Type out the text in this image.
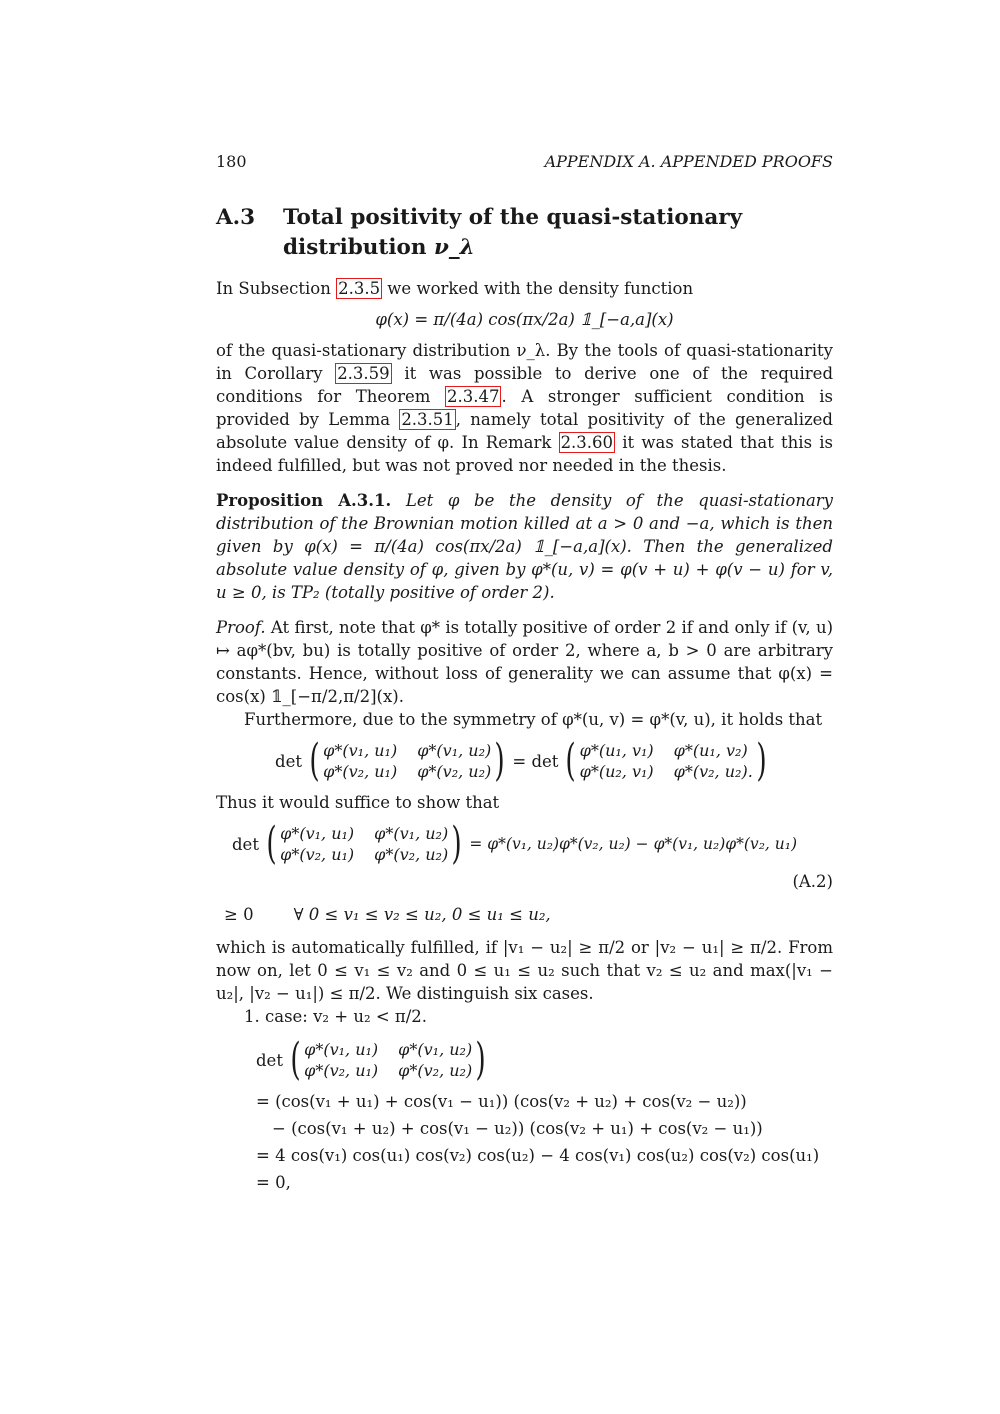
180	APPENDIX A. APPENDED PROOFS
A.3	Total positivity of the quasi-stationary distribution ν_λ

In Subsection 2.3.5 we worked with the density function

φ(x) = π/(4a) cos(πx/2a) 𝟙_[−a,a](x)

of the quasi-stationary distribution ν_λ. By the tools of quasi-stationarity in Corollary 2.3.59 it was possible to derive one of the required conditions for Theorem 2.3.47 . A stronger sufficient condition is provided by Lemma 2.3.51 , namely total positivity of the generalized absolute value density of φ. In Remark 2.3.60 it was stated that this is indeed fulfilled, but was not proved nor needed in the thesis.

Proposition A.3.1. Let φ be the density of the quasi-stationary distribution of the Brownian motion killed at a > 0 and −a, which is then given by φ(x) = π/(4a) cos(πx/2a) 𝟙_[−a,a](x). Then the generalized absolute value density of φ, given by φ*(u, v) = φ(v + u) + φ(v − u) for v, u ≥ 0, is TP₂ (totally positive of order 2).

Proof. At first, note that φ* is totally positive of order 2 if and only if (v, u) ↦ aφ*(bv, bu) is totally positive of order 2, where a, b > 0 are arbitrary constants. Hence, without loss of generality we can assume that φ(x) = cos(x) 𝟙_[−π/2,π/2](x).

Furthermore, due to the symmetry of φ*(u, v) = φ*(v, u), it holds that

det ( φ*(v₁, u₁) φ*(v₁, u₂)
φ*(v₂, u₁) φ*(v₂, u₂) ) =
det ( φ*(u₁, v₁) φ*(u₁, v₂)
φ*(u₂, v₁) φ*(v₂, u₂). )

Thus it would suffice to show that

det ( φ*(v₁, u₁) φ*(v₁, u₂)
φ*(v₂, u₁) φ*(v₂, u₂) ) = φ*(v₁, u₂)φ*(v₂, u₂) − φ*(v₁, u₂)φ*(v₂, u₁)
(A.2)
≥ 0 ∀ 0 ≤ v₁ ≤ v₂ ≤ u₂, 0 ≤ u₁ ≤ u₂,

which is automatically fulfilled, if |v₁ − u₂| ≥ π/2 or |v₂ − u₁| ≥ π/2. From now on, let 0 ≤ v₁ ≤ v₂ and 0 ≤ u₁ ≤ u₂ such that v₂ ≤ u₂ and max(|v₁ − u₂|, |v₂ − u₁|) ≤ π/2. We distinguish six cases.

1. case: v₂ + u₂ < π/2.

det ( φ*(v₁, u₁) φ*(v₁, u₂)
φ*(v₂, u₁) φ*(v₂, u₂) )
= (cos(v₁ + u₁) + cos(v₁ − u₁)) (cos(v₂ + u₂) + cos(v₂ − u₂))
− (cos(v₁ + u₂) + cos(v₁ − u₂)) (cos(v₂ + u₁) + cos(v₂ − u₁))
= 4 cos(v₁) cos(u₁) cos(v₂) cos(u₂) − 4 cos(v₁) cos(u₂) cos(v₂) cos(u₁)
= 0,
